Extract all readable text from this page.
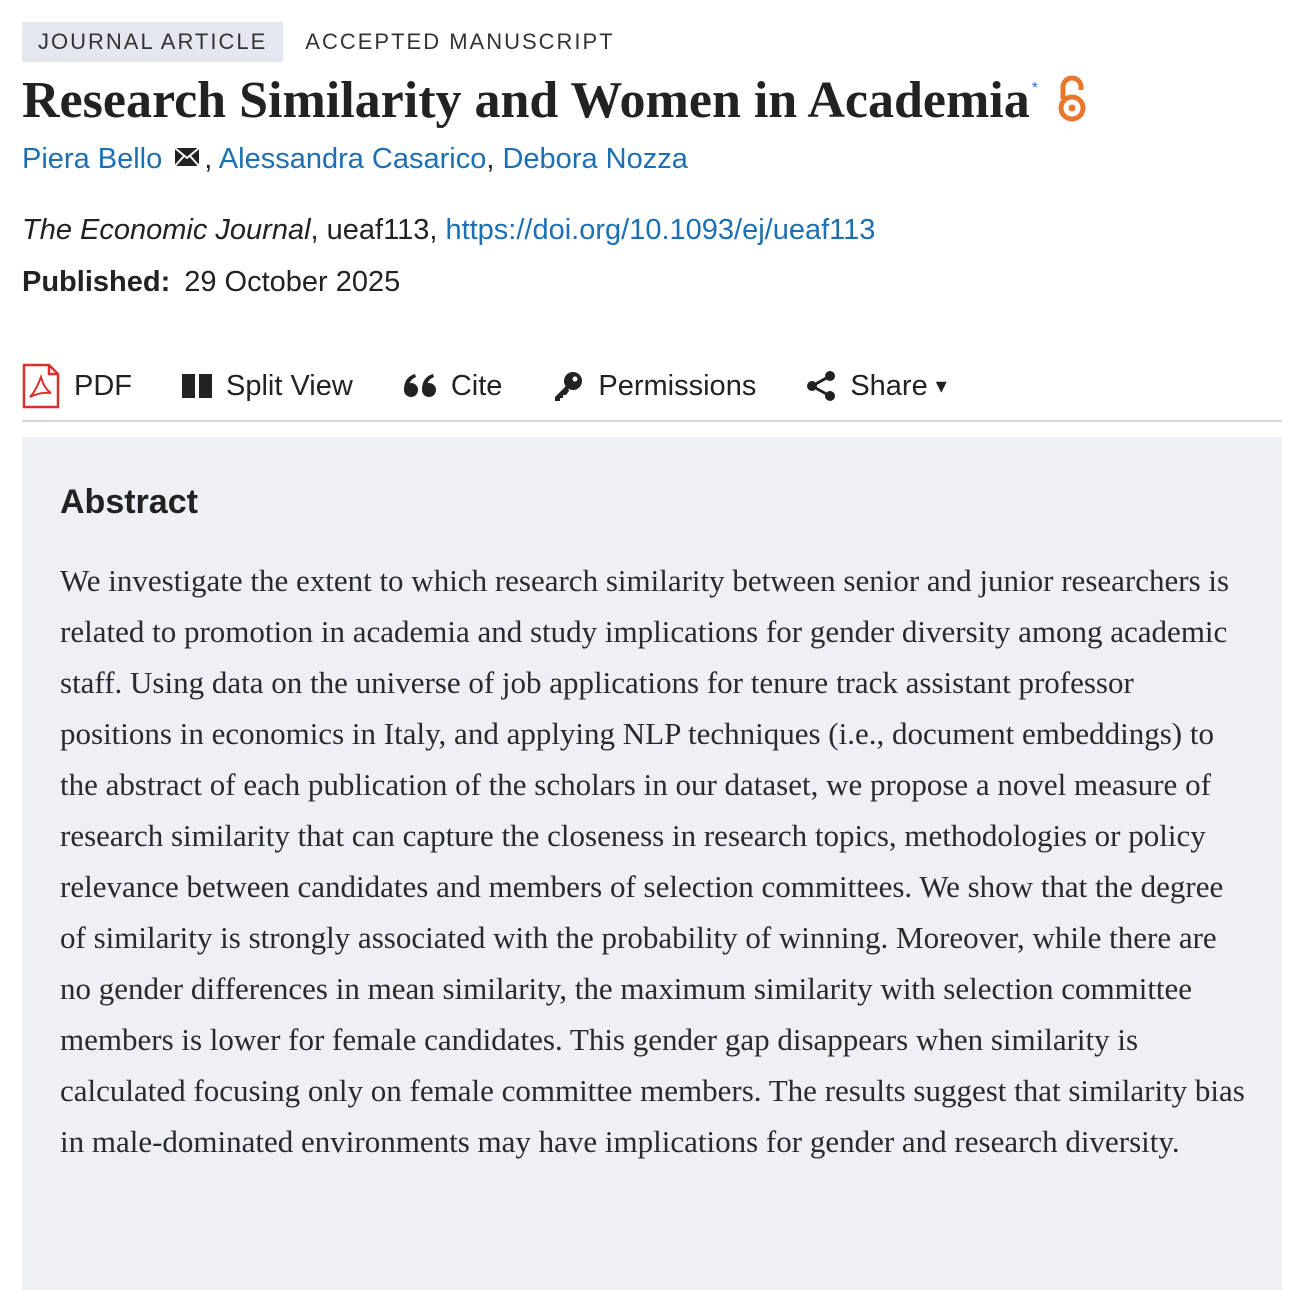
JOURNAL ARTICLE	ACCEPTED MANUSCRIPT
Research Similarity and Women in Academia *
Piera Bello , Alessandra Casarico, Debora Nozza
The Economic Journal, ueaf113, https://doi.org/10.1093/ej/ueaf113
Published: 29 October 2025
PDF	Split View	Cite	Permissions	Share ▾
Abstract

We investigate the extent to which research similarity between senior and junior researchers is related to promotion in academia and study implications for gender diversity among academic staff. Using data on the universe of job applications for tenure track assistant professor positions in economics in Italy, and applying NLP techniques (i.e., document embeddings) to the abstract of each publication of the scholars in our dataset, we propose a novel measure of research similarity that can capture the closeness in research topics, methodologies or policy relevance between candidates and members of selection committees. We show that the degree of similarity is strongly associated with the probability of winning. Moreover, while there are no gender differences in mean similarity, the maximum similarity with selection committee members is lower for female candidates. This gender gap disappears when similarity is calculated focusing only on female committee members. The results suggest that similarity bias in male-dominated environments may have implications for gender and research diversity.
